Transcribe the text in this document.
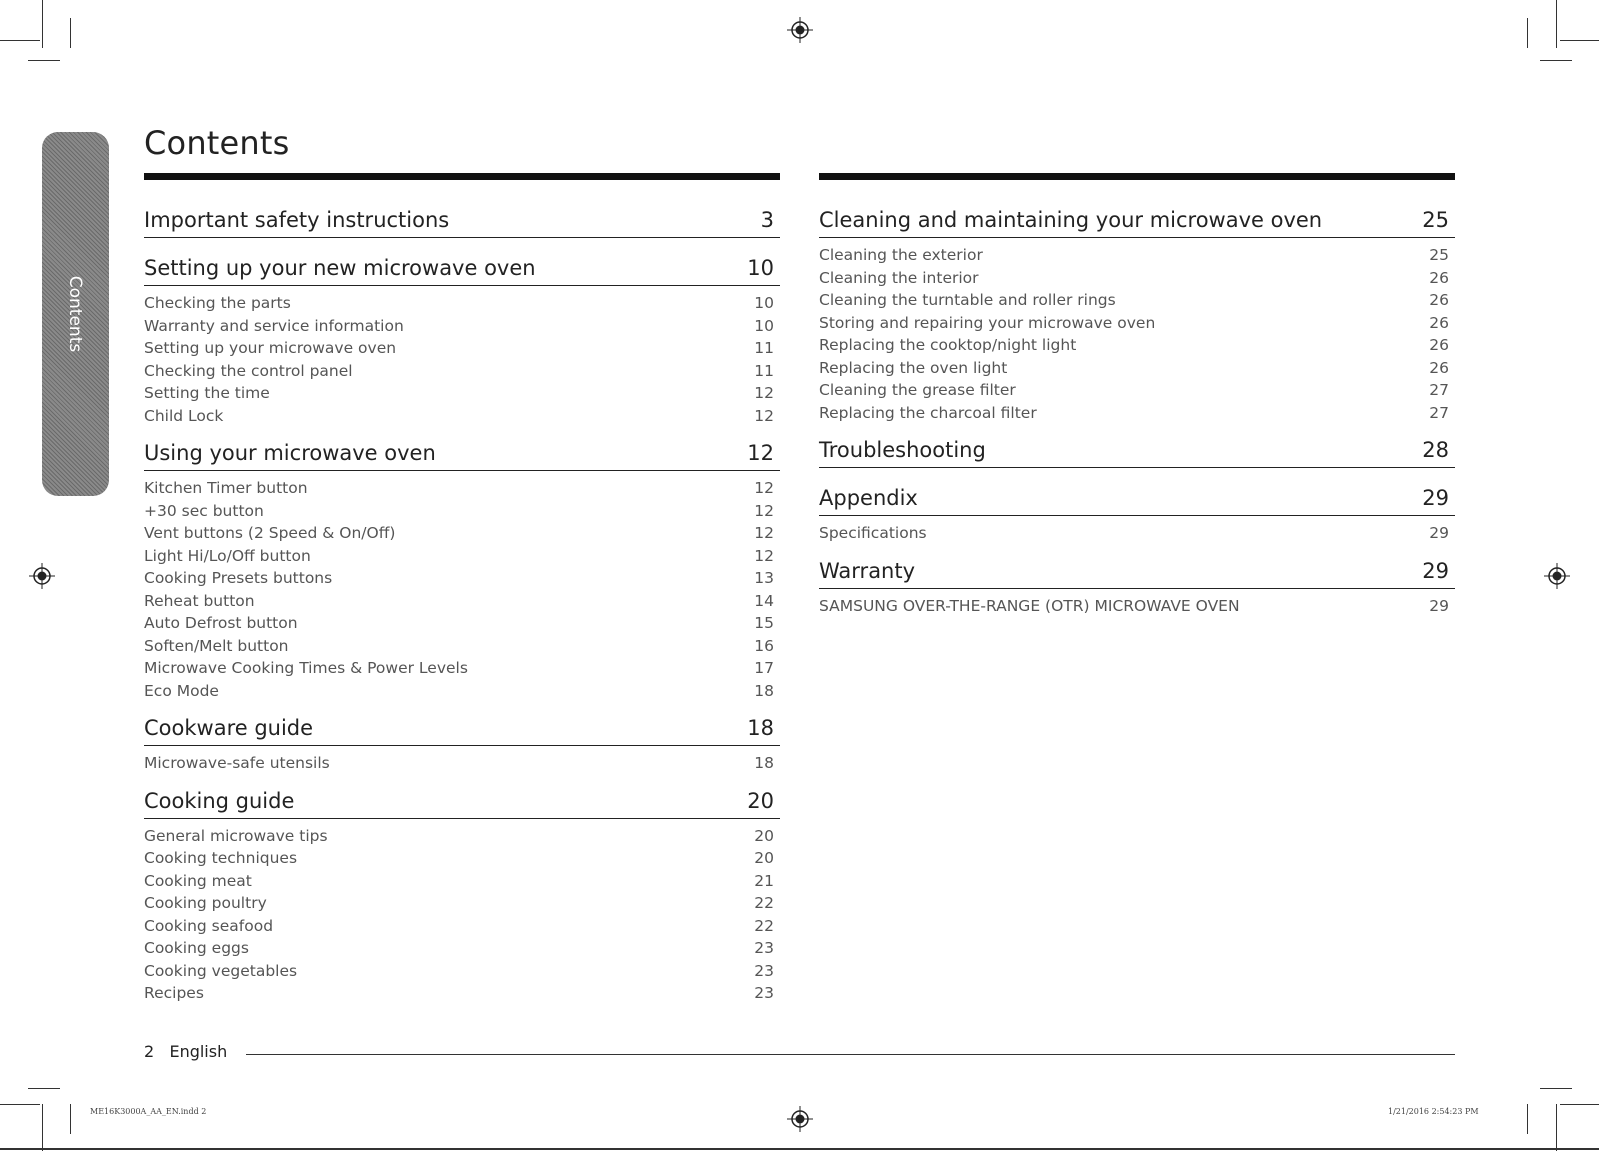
Contents
Contents
Important safety instructions	3
Setting up your new microwave oven	10
Checking the parts	10
Warranty and service information	10
Setting up your microwave oven	11
Checking the control panel	11
Setting the time	12
Child Lock	12
Using your microwave oven	12
Kitchen Timer button	12
+30 sec button	12
Vent buttons (2 Speed & On/Off)	12
Light Hi/Lo/Off button	12
Cooking Presets buttons	13
Reheat button	14
Auto Defrost button	15
Soften/Melt button	16
Microwave Cooking Times & Power Levels	17
Eco Mode	18
Cookware guide	18
Microwave-safe utensils	18
Cooking guide	20
General microwave tips	20
Cooking techniques	20
Cooking meat	21
Cooking poultry	22
Cooking seafood	22
Cooking eggs	23
Cooking vegetables	23
Recipes	23
Cleaning and maintaining your microwave oven	25
Cleaning the exterior	25
Cleaning the interior	26
Cleaning the turntable and roller rings	26
Storing and repairing your microwave oven	26
Replacing the cooktop/night light	26
Replacing the oven light	26
Cleaning the grease filter	27
Replacing the charcoal filter	27
Troubleshooting	28
Appendix	29
Specifications	29
Warranty	29
SAMSUNG OVER-THE-RANGE (OTR) MICROWAVE OVEN	29
2 English
ME16K3000A_AA_EN.indd 2	1/21/2016 2:54:23 PM
